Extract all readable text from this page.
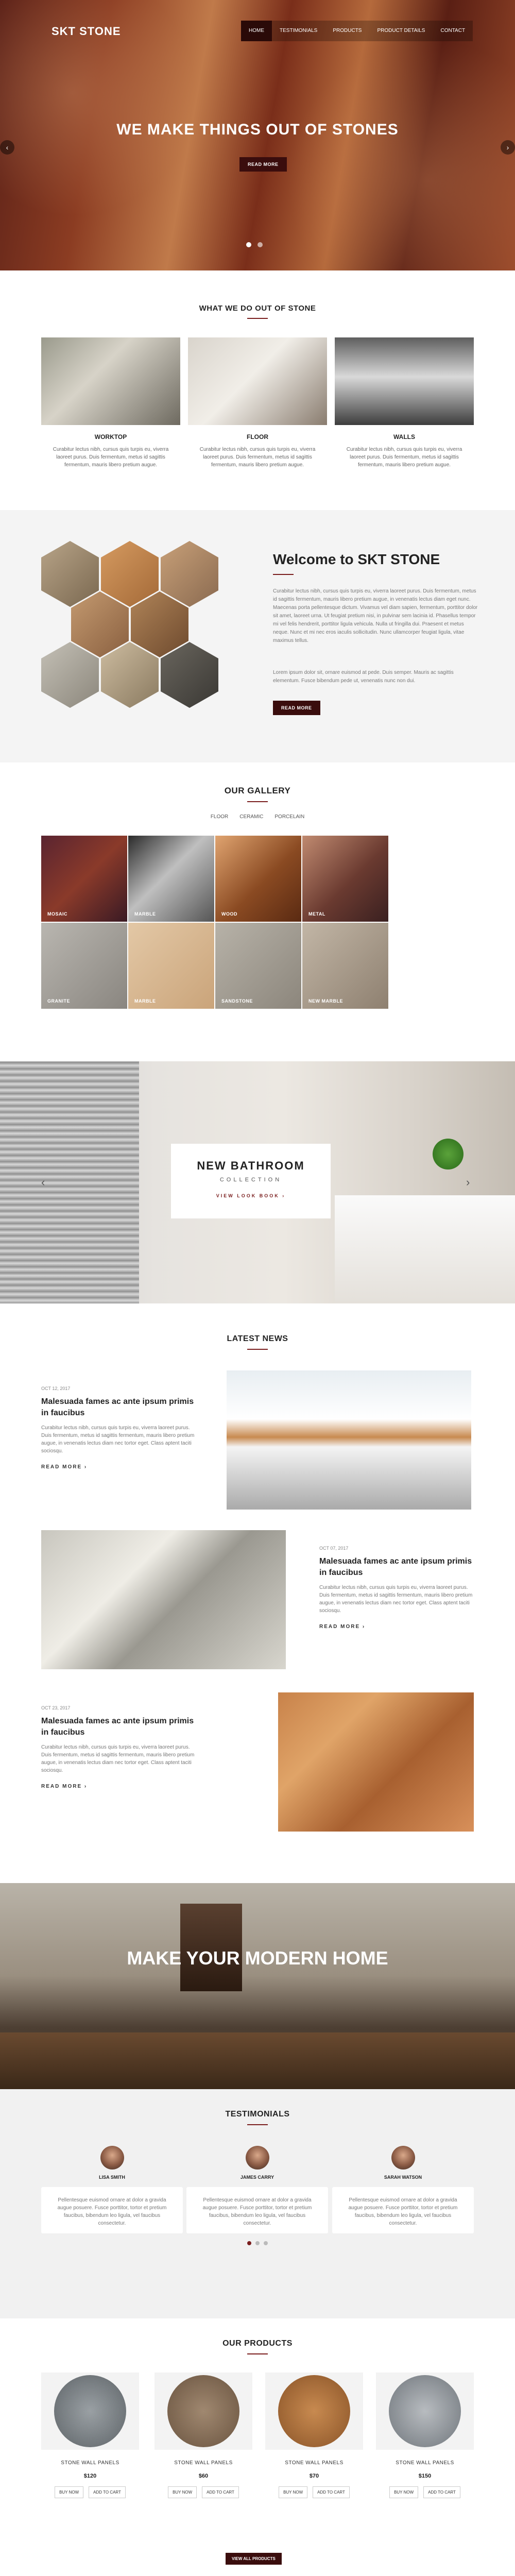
SKT STONE	HOME	TESTIMONIALS	PRODUCTS	PRODUCT DETAILS	CONTACT
WE MAKE THINGS OUT OF STONES
READ MORE
‹	›
WHAT WE DO OUT OF STONE
WORKTOP
Curabitur lectus nibh, cursus quis turpis eu, viverra laoreet purus. Duis fermentum, metus id sagittis fermentum, mauris libero pretium augue.
FLOOR
Curabitur lectus nibh, cursus quis turpis eu, viverra laoreet purus. Duis fermentum, metus id sagittis fermentum, mauris libero pretium augue.
WALLS
Curabitur lectus nibh, cursus quis turpis eu, viverra laoreet purus. Duis fermentum, metus id sagittis fermentum, mauris libero pretium augue.
Welcome to SKT STONE
Curabitur lectus nibh, cursus quis turpis eu, viverra laoreet purus. Duis fermentum, metus id sagittis fermentum, mauris libero pretium augue, in venenatis lectus diam eget nunc. Maecenas porta pellentesque dictum. Vivamus vel diam sapien, fermentum, porttitor dolor sit amet, laoreet urna. Ut feugiat pretium nisi, in pulvinar sem lacinia id. Phasellus tempor mi vel felis hendrerit, porttitor ligula vehicula. Nulla ut fringilla dui. Praesent et metus neque. Nunc et mi nec eros iaculis sollicitudin. Nunc ullamcorper feugiat ligula, vitae maximus tellus.
Lorem ipsum dolor sit, ornare euismod at pede. Duis semper. Mauris ac sagittis elementum. Fusce bibendum pede ut, venenatis nunc non dui.
READ MORE
OUR GALLERY
FLOOR CERAMIC PORCELAIN
MOSAIC	MARBLE	WOOD	METAL
GRANITE	MARBLE	SANDSTONE	NEW MARBLE
NEW BATHROOM
COLLECTION
VIEW LOOK BOOK ›
‹	›
LATEST NEWS
OCT 12, 2017
Malesuada fames ac ante ipsum primis in faucibus
Curabitur lectus nibh, cursus quis turpis eu, viverra laoreet purus. Duis fermentum, metus id sagittis fermentum, mauris libero pretium augue, in venenatis lectus diam nec tortor eget. Class aptent taciti sociosqu.
READ MORE ›
OCT 07, 2017
Malesuada fames ac ante ipsum primis in faucibus
Curabitur lectus nibh, cursus quis turpis eu, viverra laoreet purus. Duis fermentum, metus id sagittis fermentum, mauris libero pretium augue, in venenatis lectus diam nec tortor eget. Class aptent taciti sociosqu.
READ MORE ›
OCT 23, 2017
Malesuada fames ac ante ipsum primis in faucibus
Curabitur lectus nibh, cursus quis turpis eu, viverra laoreet purus. Duis fermentum, metus id sagittis fermentum, mauris libero pretium augue, in venenatis lectus diam nec tortor eget. Class aptent taciti sociosqu.
READ MORE ›
MAKE YOUR MODERN HOME
TESTIMONIALS
LISA SMITH
Pellentesque euismod ornare at dolor a gravida augue posuere. Fusce porttitor, tortor et pretium faucibus, bibendum leo ligula, vel faucibus consectetur.
JAMES CARRY
Pellentesque euismod ornare at dolor a gravida augue posuere. Fusce porttitor, tortor et pretium faucibus, bibendum leo ligula, vel faucibus consectetur.
SARAH WATSON
Pellentesque euismod ornare at dolor a gravida augue posuere. Fusce porttitor, tortor et pretium faucibus, bibendum leo ligula, vel faucibus consectetur.
OUR PRODUCTS
STONE WALL PANELS
$120
BUY NOW	ADD TO CART
STONE WALL PANELS
$60
BUY NOW	ADD TO CART
STONE WALL PANELS
$70
BUY NOW	ADD TO CART
STONE WALL PANELS
$150
BUY NOW	ADD TO CART
VIEW ALL PRODUCTS
